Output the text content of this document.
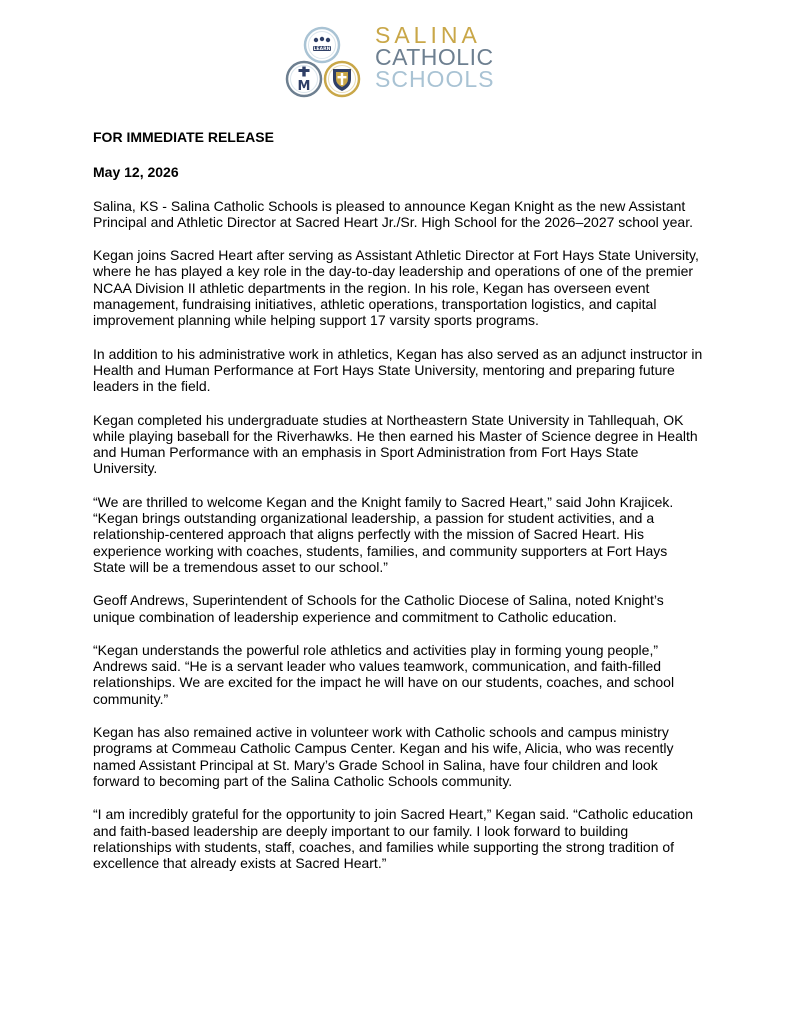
LEARN
M
SALINA
CATHOLIC
SCHOOLS

FOR IMMEDIATE RELEASE

May 12, 2026

Salina, KS - Salina Catholic Schools is pleased to announce Kegan Knight as the new Assistant Principal and Athletic Director at Sacred Heart Jr./Sr. High School for the 2026–2027 school year.

Kegan joins Sacred Heart after serving as Assistant Athletic Director at Fort Hays State University, where he has played a key role in the day-to-day leadership and operations of one of the premier NCAA Division II athletic departments in the region. In his role, Kegan has overseen event management, fundraising initiatives, athletic operations, transportation logistics, and capital improvement planning while helping support 17 varsity sports programs.

In addition to his administrative work in athletics, Kegan has also served as an adjunct instructor in Health and Human Performance at Fort Hays State University, mentoring and preparing future leaders in the field.

Kegan completed his undergraduate studies at Northeastern State University in Tahllequah, OK while playing baseball for the Riverhawks. He then earned his Master of Science degree in Health and Human Performance with an emphasis in Sport Administration from Fort Hays State University.

“We are thrilled to welcome Kegan and the Knight family to Sacred Heart,” said John Krajicek. “Kegan brings outstanding organizational leadership, a passion for student activities, and a relationship-centered approach that aligns perfectly with the mission of Sacred Heart. His experience working with coaches, students, families, and community supporters at Fort Hays State will be a tremendous asset to our school.”

Geoff Andrews, Superintendent of Schools for the Catholic Diocese of Salina, noted Knight’s unique combination of leadership experience and commitment to Catholic education.

“Kegan understands the powerful role athletics and activities play in forming young people,” Andrews said. “He is a servant leader who values teamwork, communication, and faith-filled relationships. We are excited for the impact he will have on our students, coaches, and school community.”

Kegan has also remained active in volunteer work with Catholic schools and campus ministry programs at Commeau Catholic Campus Center. Kegan and his wife, Alicia, who was recently named Assistant Principal at St. Mary’s Grade School in Salina, have four children and look forward to becoming part of the Salina Catholic Schools community.

“I am incredibly grateful for the opportunity to join Sacred Heart,” Kegan said. “Catholic education and faith-based leadership are deeply important to our family. I look forward to building relationships with students, staff, coaches, and families while supporting the strong tradition of excellence that already exists at Sacred Heart.”
